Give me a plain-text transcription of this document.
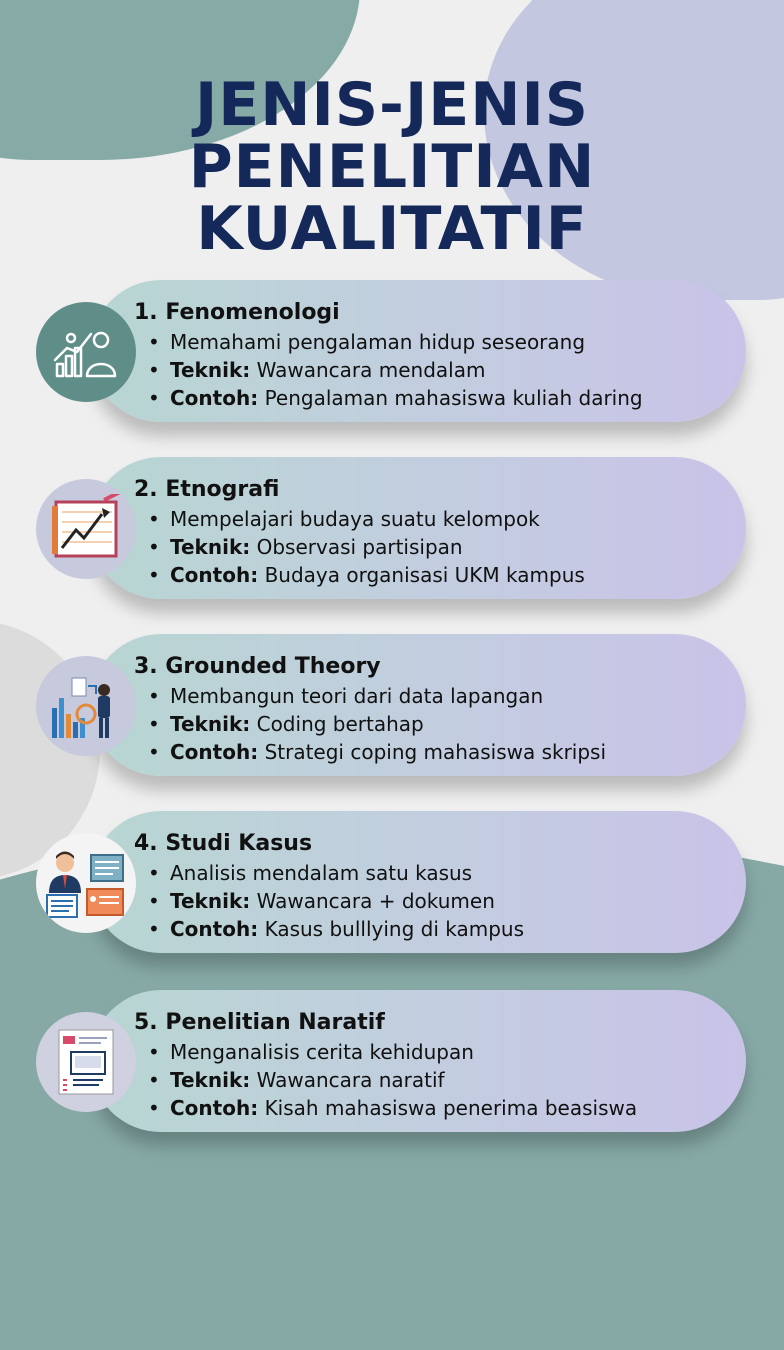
JENIS-JENIS
PENELITIAN
KUALITATIF
1. Fenomenologi
• Memahami pengalaman hidup seseorang
• Teknik: Wawancara mendalam
• Contoh: Pengalaman mahasiswa kuliah daring
2. Etnografi
• Mempelajari budaya suatu kelompok
• Teknik: Observasi partisipan
• Contoh: Budaya organisasi UKM kampus
3. Grounded Theory
• Membangun teori dari data lapangan
• Teknik: Coding bertahap
• Contoh: Strategi coping mahasiswa skripsi
4. Studi Kasus
• Analisis mendalam satu kasus
• Teknik: Wawancara + dokumen
• Contoh: Kasus bulllying di kampus
5. Penelitian Naratif
• Menganalisis cerita kehidupan
• Teknik: Wawancara naratif
• Contoh: Kisah mahasiswa penerima beasiswa
